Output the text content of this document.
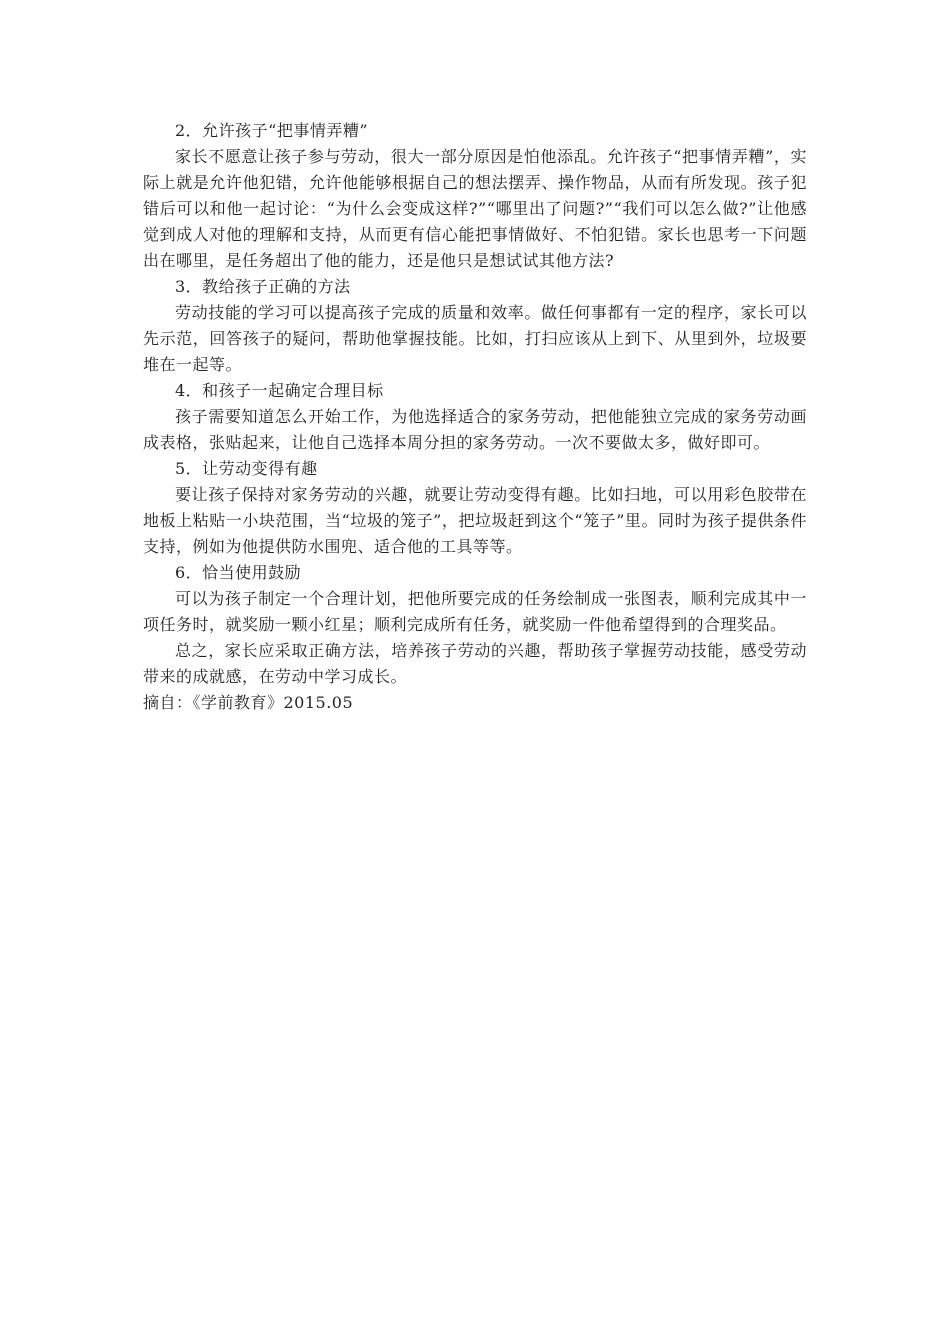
2．允许孩子“把事情弄糟”

家长不愿意让孩子参与劳动，很大一部分原因是怕他添乱。允许孩子“把事情弄糟”，实际上就是允许他犯错，允许他能够根据自己的想法摆弄、操作物品，从而有所发现。孩子犯错后可以和他一起讨论：“为什么会变成这样?”“哪里出了问题?”“我们可以怎么做?”让他感觉到成人对他的理解和支持，从而更有信心能把事情做好、不怕犯错。家长也思考一下问题出在哪里，是任务超出了他的能力，还是他只是想试试其他方法?

3．教给孩子正确的方法

劳动技能的学习可以提高孩子完成的质量和效率。做任何事都有一定的程序，家长可以先示范，回答孩子的疑问，帮助他掌握技能。比如，打扫应该从上到下、从里到外，垃圾要堆在一起等。

4．和孩子一起确定合理目标

孩子需要知道怎么开始工作，为他选择适合的家务劳动，把他能独立完成的家务劳动画成表格，张贴起来，让他自己选择本周分担的家务劳动。一次不要做太多，做好即可。

5．让劳动变得有趣

要让孩子保持对家务劳动的兴趣，就要让劳动变得有趣。比如扫地，可以用彩色胶带在地板上粘贴一小块范围，当“垃圾的笼子”，把垃圾赶到这个“笼子”里。同时为孩子提供条件支持，例如为他提供防水围兜、适合他的工具等等。

6．恰当使用鼓励

可以为孩子制定一个合理计划，把他所要完成的任务绘制成一张图表，顺利完成其中一项任务时，就奖励一颗小红星；顺利完成所有任务，就奖励一件他希望得到的合理奖品。

总之，家长应采取正确方法，培养孩子劳动的兴趣，帮助孩子掌握劳动技能，感受劳动带来的成就感，在劳动中学习成长。

摘自：《学前教育》2015.05
